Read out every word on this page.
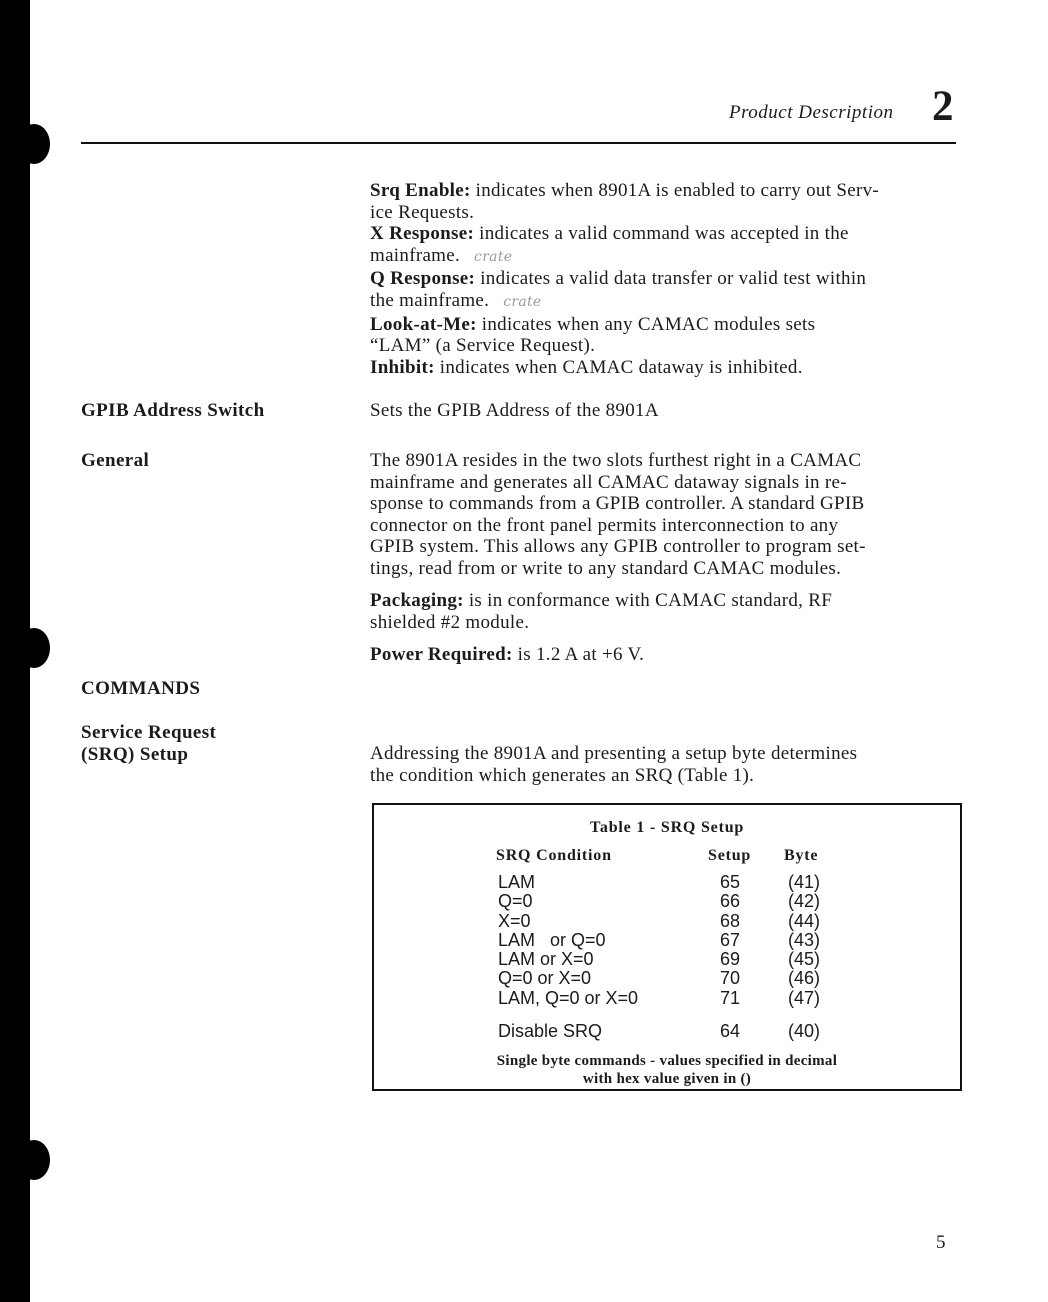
Product Description 2
Srq Enable: indicates when 8901A is enabled to carry out Serv-
ice Requests.
X Response: indicates a valid command was accepted in the
mainframe. crate
Q Response: indicates a valid data transfer or valid test within
the mainframe. crate
Look-at-Me: indicates when any CAMAC modules sets
“LAM” (a Service Request).
Inhibit: indicates when CAMAC dataway is inhibited.
GPIB Address Switch	Sets the GPIB Address of the 8901A
General	The 8901A resides in the two slots furthest right in a CAMAC
mainframe and generates all CAMAC dataway signals in re-
sponse to commands from a GPIB controller. A standard GPIB
connector on the front panel permits interconnection to any
GPIB system. This allows any GPIB controller to program set-
tings, read from or write to any standard CAMAC modules.
Packaging: is in conformance with CAMAC standard, RF
shielded #2 module.
Power Required: is 1.2 A at +6 V.
COMMANDS
Service Request
(SRQ) Setup	Addressing the 8901A and presenting a setup byte determines
the condition which generates an SRQ (Table 1).
Table 1 - SRQ Setup
SRQ Condition	Setup Byte
LAM	65	(41)
Q=0	66	(42)
X=0	68	(44)
LAM   or Q=0	67	(43)
LAM or X=0	69	(45)
Q=0 or X=0	70	(46)
LAM, Q=0 or X=0	71	(47)
Disable SRQ	64	(40)
Single byte commands - values specified in decimal
with hex value given in ()
5
